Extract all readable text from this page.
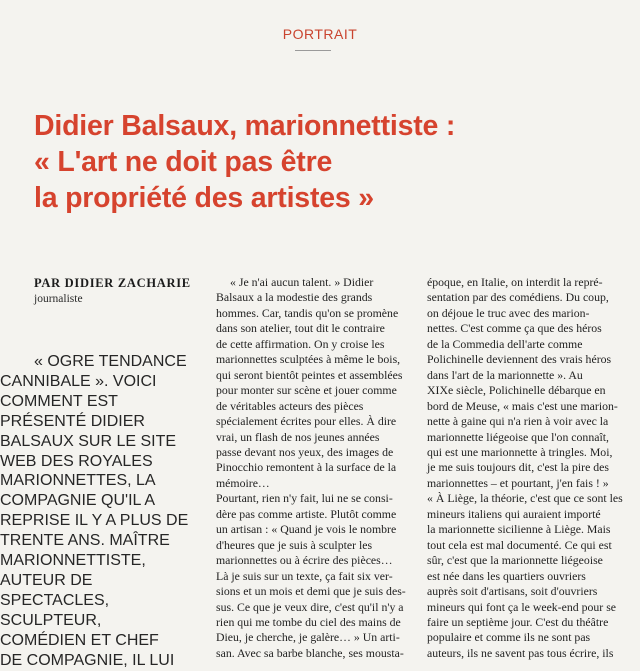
PORTRAIT
Didier Balsaux, marionnettiste :
« L'art ne doit pas être
la propriété des artistes »
PAR DIDIER ZACHARIE
journaliste
« OGRE TENDANCE
CANNIBALE ». VOICI
COMMENT EST
PRÉSENTÉ DIDIER
BALSAUX SUR LE SITE
WEB DES ROYALES
MARIONNETTES, LA
COMPAGNIE QU'IL A
REPRISE IL Y A PLUS DE
TRENTE ANS. MAÎTRE
MARIONNETTISTE,
AUTEUR DE
SPECTACLES,
SCULPTEUR,
COMÉDIEN ET CHEF
DE COMPAGNIE, IL LUI
« Je n'ai aucun talent. » Didier
Balsaux a la modestie des grands
hommes. Car, tandis qu'on se promène
dans son atelier, tout dit le contraire
de cette affirmation. On y croise les
marionnettes sculptées à même le bois,
qui seront bientôt peintes et assemblées
pour monter sur scène et jouer comme
de véritables acteurs des pièces
spécialement écrites pour elles. À dire
vrai, un flash de nos jeunes années
passe devant nos yeux, des images de
Pinocchio remontent à la surface de la
mémoire…
Pourtant, rien n'y fait, lui ne se consi-
dère pas comme artiste. Plutôt comme
un artisan : « Quand je vois le nombre
d'heures que je suis à sculpter les
marionnettes ou à écrire des pièces…
Là je suis sur un texte, ça fait six ver-
sions et un mois et demi que je suis des-
sus. Ce que je veux dire, c'est qu'il n'y a
rien qui me tombe du ciel des mains de
Dieu, je cherche, je galère… » Un arti-
san. Avec sa barbe blanche, ses mousta-
époque, en Italie, on interdit la repré-
sentation par des comédiens. Du coup,
on déjoue le truc avec des marion-
nettes. C'est comme ça que des héros
de la Commedia dell'arte comme
Polichinelle deviennent des vrais héros
dans l'art de la marionnette ». Au
XIXe siècle, Polichinelle débarque en
bord de Meuse, « mais c'est une marion-
nette à gaine qui n'a rien à voir avec la
marionnette liégeoise que l'on connaît,
qui est une marionnette à tringles. Moi,
je me suis toujours dit, c'est la pire des
marionnettes – et pourtant, j'en fais ! »
« À Liège, la théorie, c'est que ce sont les
mineurs italiens qui auraient importé
la marionnette sicilienne à Liège. Mais
tout cela est mal documenté. Ce qui est
sûr, c'est que la marionnette liégeoise
est née dans les quartiers ouvriers
auprès soit d'artisans, soit d'ouvriers
mineurs qui font ça le week-end pour se
faire un septième jour. C'est du théâtre
populaire et comme ils ne sont pas
auteurs, ils ne savent pas tous écrire, ils
